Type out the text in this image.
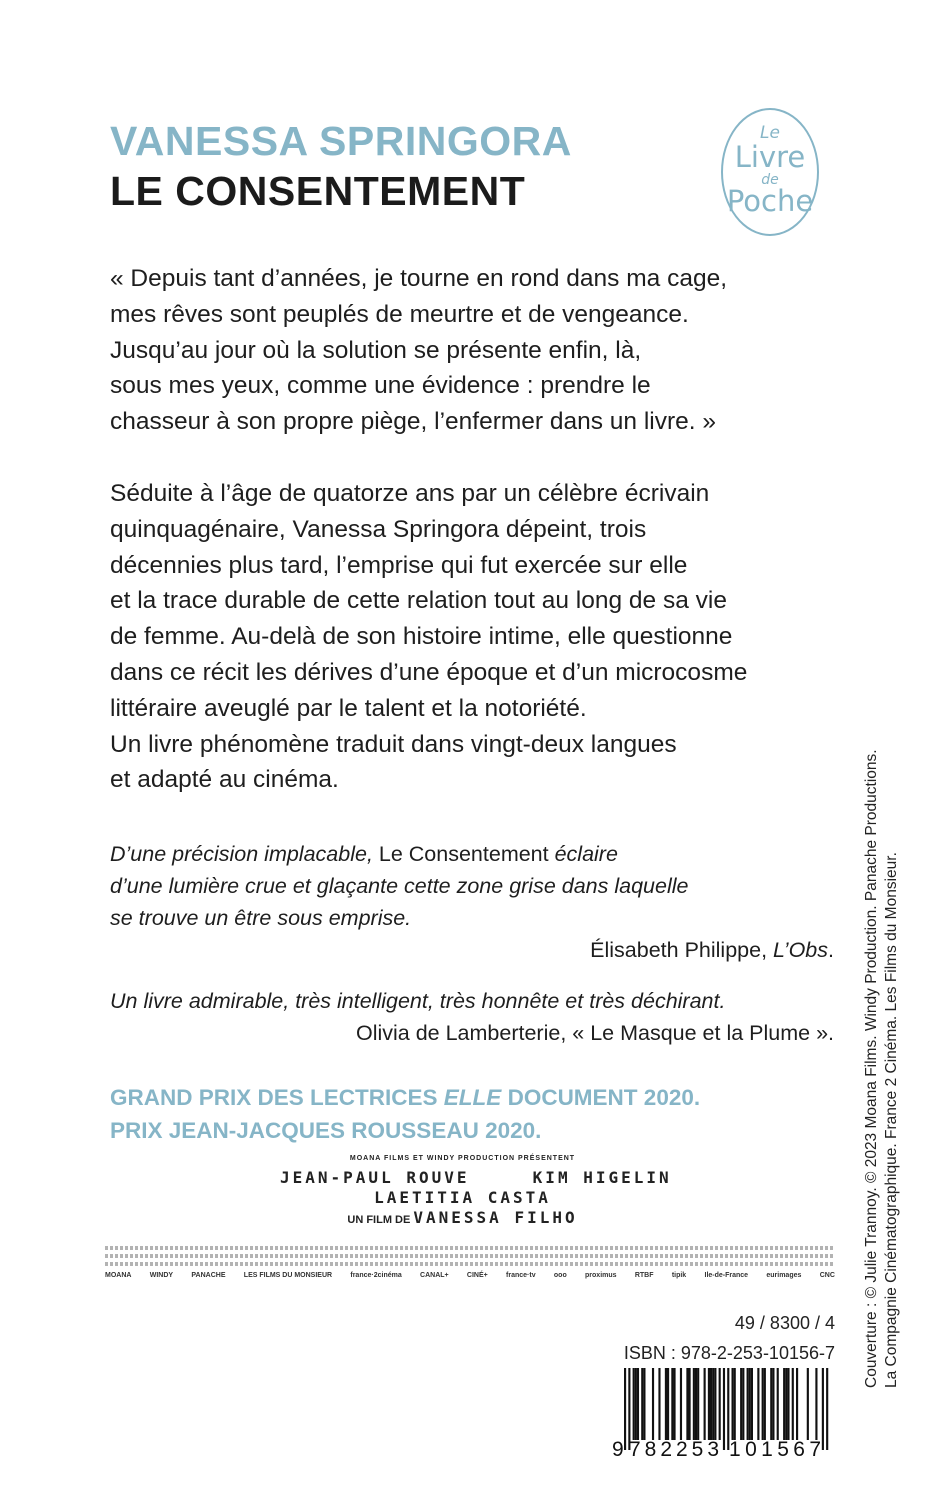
VANESSA SPRINGORA
LE CONSENTEMENT
Le
Livre
de
Poche
« Depuis tant d’années, je tourne en rond dans ma cage,
mes rêves sont peuplés de meurtre et de vengeance.
Jusqu’au jour où la solution se présente enfin, là,
sous mes yeux, comme une évidence : prendre le
chasseur à son propre piège, l’enfermer dans un livre. »
Séduite à l’âge de quatorze ans par un célèbre écrivain
quinquagénaire, Vanessa Springora dépeint, trois
décennies plus tard, l’emprise qui fut exercée sur elle
et la trace durable de cette relation tout au long de sa vie
de femme. Au-delà de son histoire intime, elle questionne
dans ce récit les dérives d’une époque et d’un microcosme
littéraire aveuglé par le talent et la notoriété.
Un livre phénomène traduit dans vingt-deux langues
et adapté au cinéma.
D’une précision implacable, Le Consentement éclaire
d’une lumière crue et glaçante cette zone grise dans laquelle
se trouve un être sous emprise.
Élisabeth Philippe, L’Obs.
Un livre admirable, très intelligent, très honnête et très déchirant.
Olivia de Lamberterie, « Le Masque et la Plume ».
GRAND PRIX DES LECTRICES ELLE DOCUMENT 2020.
PRIX JEAN-JACQUES ROUSSEAU 2020.
MOANA FILMS ET WINDY PRODUCTION PRÉSENTENT
JEAN-PAUL ROUVE	KIM HIGELIN
LAETITIA CASTA
UN FILM DE VANESSA FILHO
MOANA	WINDY	PANACHE	LES FILMS DU MONSIEUR	france·2cinéma	CANAL+	CINÉ+	france·tv	ooo	proximus	RTBF	tipik	Ile-de-France	eurimages	CNC
49 / 8300 / 4
ISBN : 978-2-253-10156-7
9 782253 101567
Couverture : © Julie Trannoy. © 2023 Moana Films. Windy Production. Panache Productions. La Compagnie Cinématographique. France 2 Cinéma. Les Films du Monsieur.
